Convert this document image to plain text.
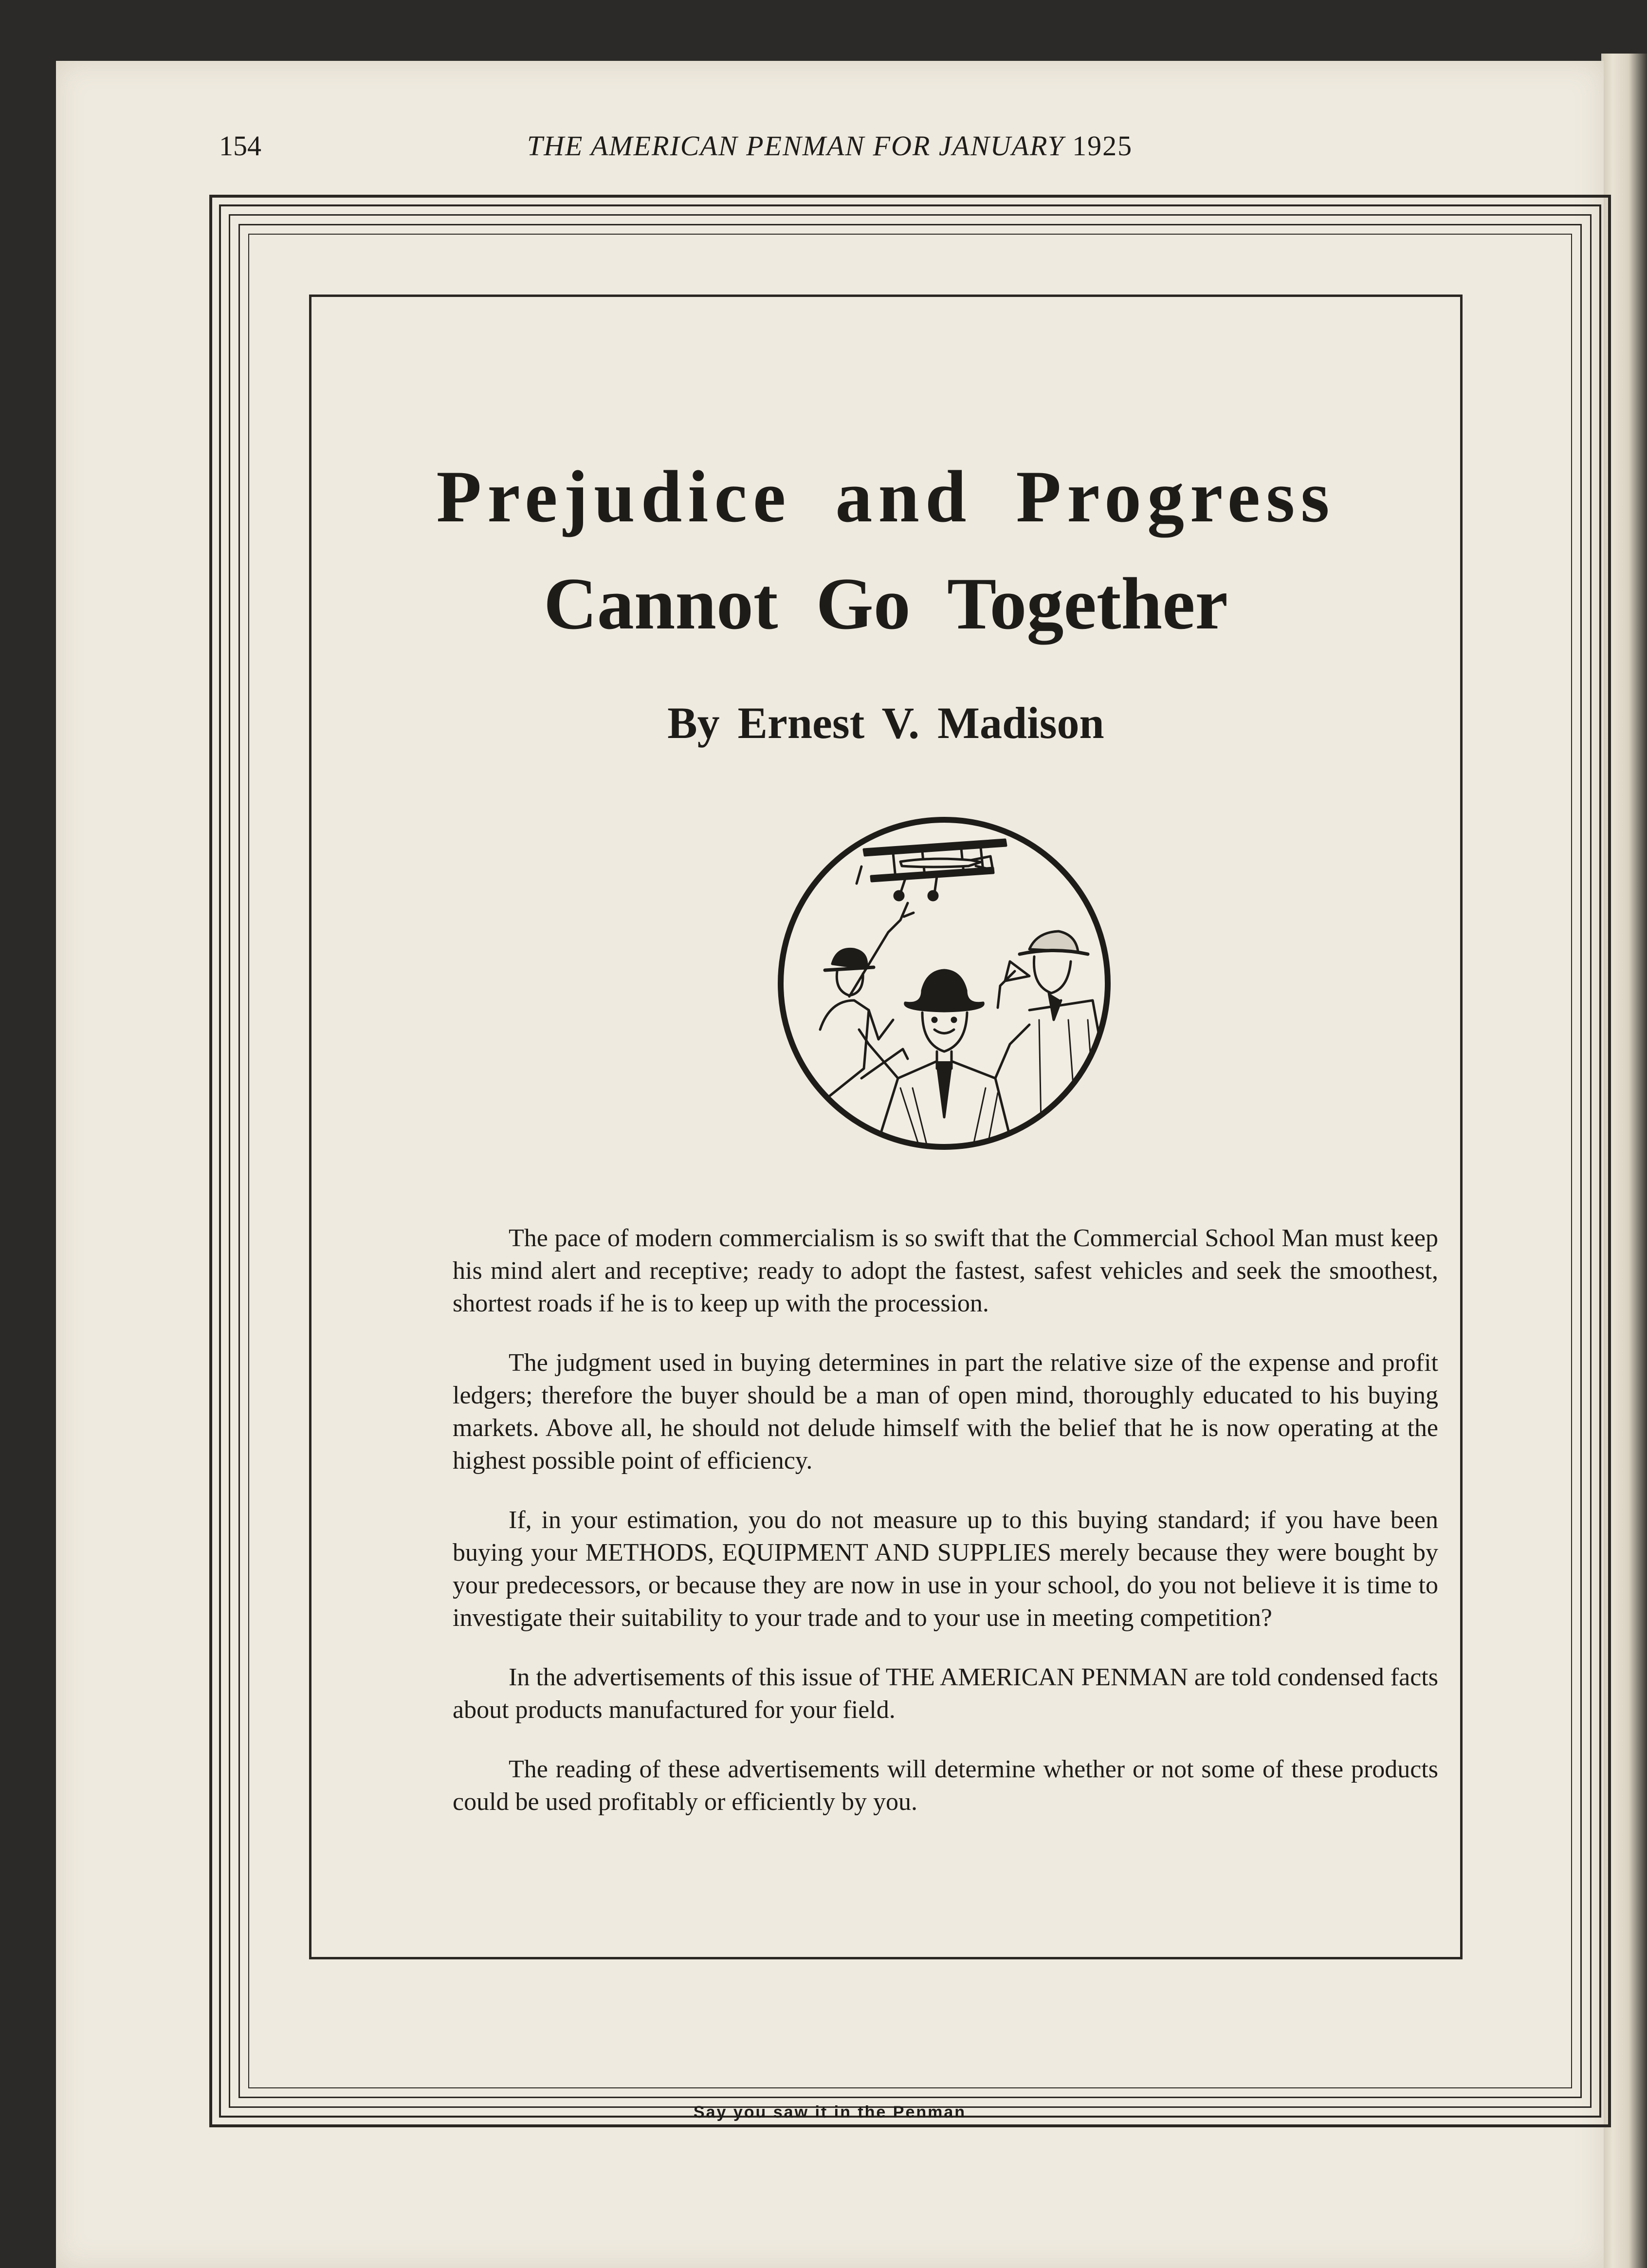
154	THE AMERICAN PENMAN FOR JANUARY 1925
Prejudice and Progress
Cannot Go Together
By Ernest V. Madison

The pace of modern commercialism is so swift that the Commercial School Man must keep his mind alert and receptive; ready to adopt the fastest, safest vehicles and seek the smoothest, shortest roads if he is to keep up with the procession.

The judgment used in buying determines in part the relative size of the expense and profit ledgers; therefore the buyer should be a man of open mind, thoroughly educated to his buying markets. Above all, he should not delude himself with the belief that he is now operating at the highest possible point of efficiency.

If, in your estimation, you do not measure up to this buying standard; if you have been buying your METHODS, EQUIPMENT AND SUPPLIES merely because they were bought by your predecessors, or because they are now in use in your school, do you not believe it is time to investigate their suitability to your trade and to your use in meeting competition?

In the advertisements of this issue of THE AMERICAN PENMAN are told condensed facts about products manufactured for your field.

The reading of these advertisements will determine whether or not some of these products could be used profitably or efficiently by you.

Say you saw it in the Penman
